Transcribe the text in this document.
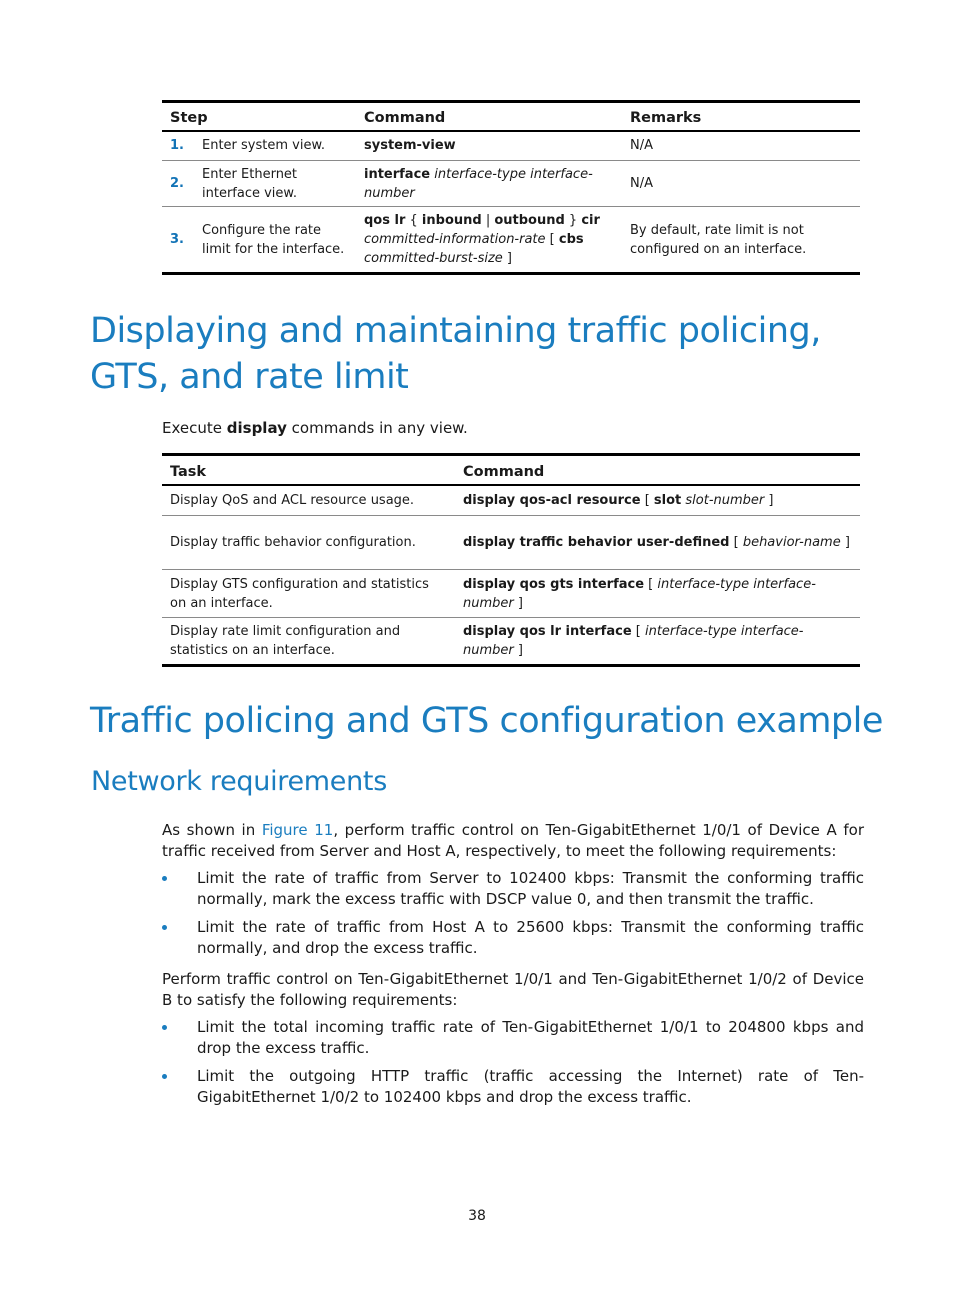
Step		Command	Remarks
1.	Enter system view.	system-view	N/A
2.	Enter Ethernet interface view.	interface interface-type interface-number	N/A
3.	Configure the rate limit for the interface.	qos lr { inbound | outbound } cir committed-information-rate [ cbs committed-burst-size ]	By default, rate limit is not configured on an interface.
Displaying and maintaining traffic policing, GTS, and rate limit
Execute display commands in any view.
Task	Command
Display QoS and ACL resource usage.	display qos-acl resource [ slot slot-number ]
Display traffic behavior configuration.	display traffic behavior user-defined [ behavior-name ]
Display GTS configuration and statistics on an interface.	display qos gts interface [ interface-type interface-number ]
Display rate limit configuration and statistics on an interface.	display qos lr interface [ interface-type interface-number ]
Traffic policing and GTS configuration example
Network requirements
As shown in Figure 11, perform traffic control on Ten-GigabitEthernet 1/0/1 of Device A for traffic received from Server and Host A, respectively, to meet the following requirements:
Limit the rate of traffic from Server to 102400 kbps: Transmit the conforming traffic normally, mark the excess traffic with DSCP value 0, and then transmit the traffic.
Limit the rate of traffic from Host A to 25600 kbps: Transmit the conforming traffic normally, and drop the excess traffic.
Perform traffic control on Ten-GigabitEthernet 1/0/1 and Ten-GigabitEthernet 1/0/2 of Device B to satisfy the following requirements:
Limit the total incoming traffic rate of Ten-GigabitEthernet 1/0/1 to 204800 kbps and drop the excess traffic.
Limit the outgoing HTTP traffic (traffic accessing the Internet) rate of Ten-GigabitEthernet 1/0/2 to 102400 kbps and drop the excess traffic.
38
